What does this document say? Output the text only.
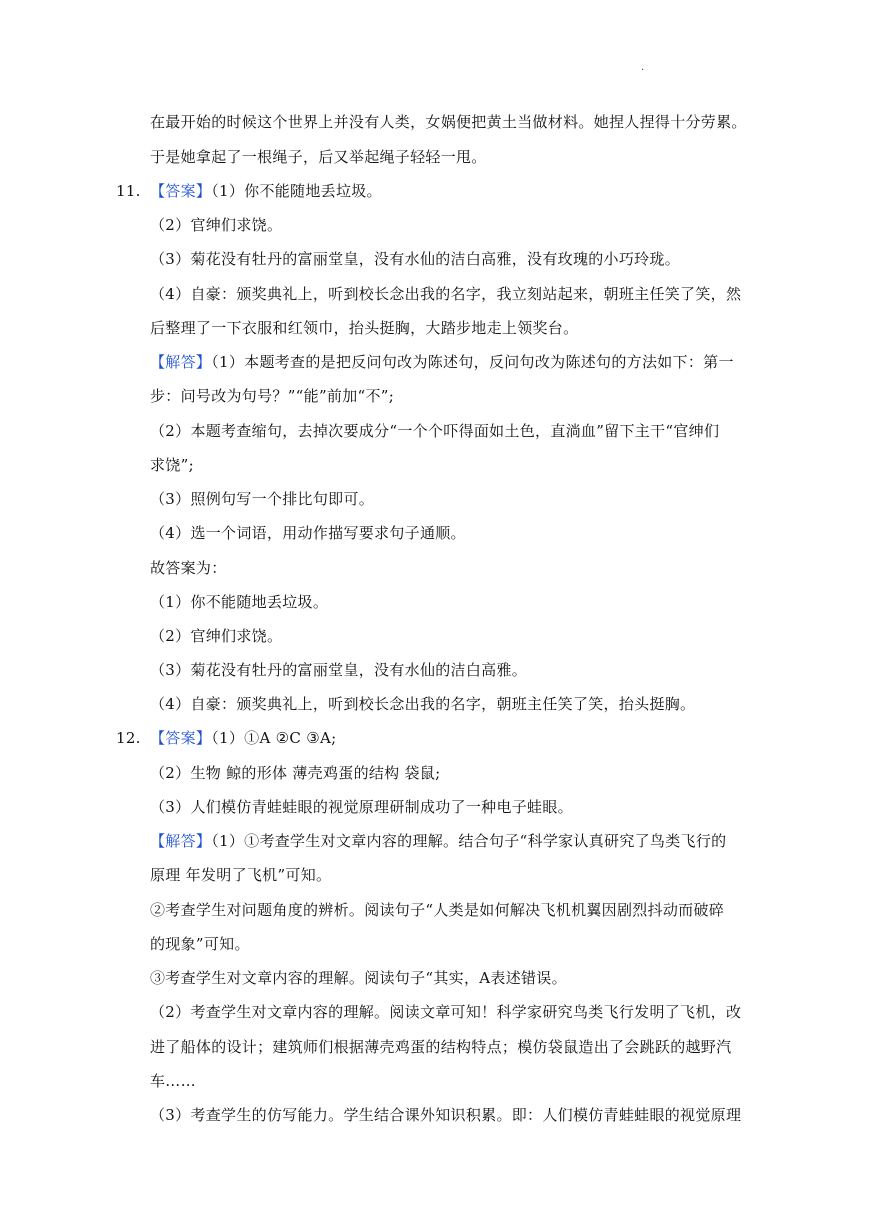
.
在最开始的时候这个世界上并没有人类，女娲便把黄土当做材料。她捏人捏得十分劳累。
于是她拿起了一根绳子，后又举起绳子轻轻一甩。
11. 【答案】（1）你不能随地丢垃圾。
（2）官绅们求饶。
（3）菊花没有牡丹的富丽堂皇，没有水仙的洁白高雅，没有玫瑰的小巧玲珑。
（4）自豪：颁奖典礼上，听到校长念出我的名字，我立刻站起来，朝班主任笑了笑，然
后整理了一下衣服和红领巾，抬头挺胸，大踏步地走上领奖台。
【解答】（1）本题考查的是把反问句改为陈述句，反问句改为陈述句的方法如下：第一
步：问号改为句号？”“能”前加“不”;
（2）本题考查缩句，去掉次要成分“一个个吓得面如土色，直淌血”留下主干“官绅们
求饶”;
（3）照例句写一个排比句即可。
（4）选一个词语，用动作描写要求句子通顺。
故答案为：
（1）你不能随地丢垃圾。
（2）官绅们求饶。
（3）菊花没有牡丹的富丽堂皇，没有水仙的洁白高雅。
（4）自豪：颁奖典礼上，听到校长念出我的名字，朝班主任笑了笑，抬头挺胸。
12. 【答案】（1）①A ②C ③A;
（2）生物 鲸的形体 薄壳鸡蛋的结构 袋鼠;
（3）人们模仿青蛙蛙眼的视觉原理研制成功了一种电子蛙眼。
【解答】（1）①考查学生对文章内容的理解。结合句子“科学家认真研究了鸟类飞行的
原理 年发明了飞机”可知。
②考查学生对问题角度的辨析。阅读句子“人类是如何解决飞机机翼因剧烈抖动而破碎
的现象”可知。
③考查学生对文章内容的理解。阅读句子“其实，A表述错误。
（2）考查学生对文章内容的理解。阅读文章可知！科学家研究鸟类飞行发明了飞机，改
进了船体的设计；建筑师们根据薄壳鸡蛋的结构特点；模仿袋鼠造出了会跳跃的越野汽
车……
（3）考查学生的仿写能力。学生结合课外知识积累。即：人们模仿青蛙蛙眼的视觉原理
